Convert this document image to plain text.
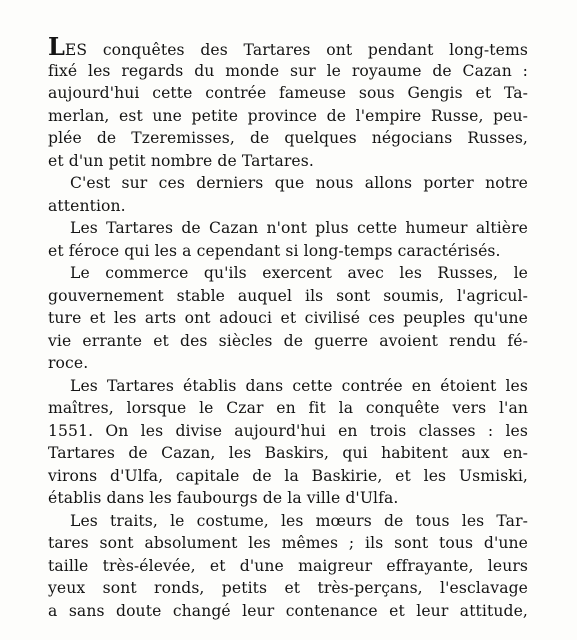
LES conquêtes des Tartares ont pendant long-tems
fixé les regards du monde sur le royaume de Cazan :
aujourd'hui cette contrée fameuse sous Gengis et Ta-
merlan, est une petite province de l'empire Russe, peu-
plée de Tzeremisses, de quelques négocians Russes,
et d'un petit nombre de Tartares.
C'est sur ces derniers que nous allons porter notre
attention.
Les Tartares de Cazan n'ont plus cette humeur altière
et féroce qui les a cependant si long-temps caractérisés.
Le commerce qu'ils exercent avec les Russes, le
gouvernement stable auquel ils sont soumis, l'agricul-
ture et les arts ont adouci et civilisé ces peuples qu'une
vie errante et des siècles de guerre avoient rendu fé-
roce.
Les Tartares établis dans cette contrée en étoient les
maîtres, lorsque le Czar en fit la conquête vers l'an
1551. On les divise aujourd'hui en trois classes : les
Tartares de Cazan, les Baskirs, qui habitent aux en-
virons d'Ulfa, capitale de la Baskirie, et les Usmiski,
établis dans les faubourgs de la ville d'Ulfa.
Les traits, le costume, les mœurs de tous les Tar-
tares sont absolument les mêmes ; ils sont tous d'une
taille très-élevée, et d'une maigreur effrayante, leurs
yeux sont ronds, petits et très-perçans, l'esclavage
a sans doute changé leur contenance et leur attitude,
